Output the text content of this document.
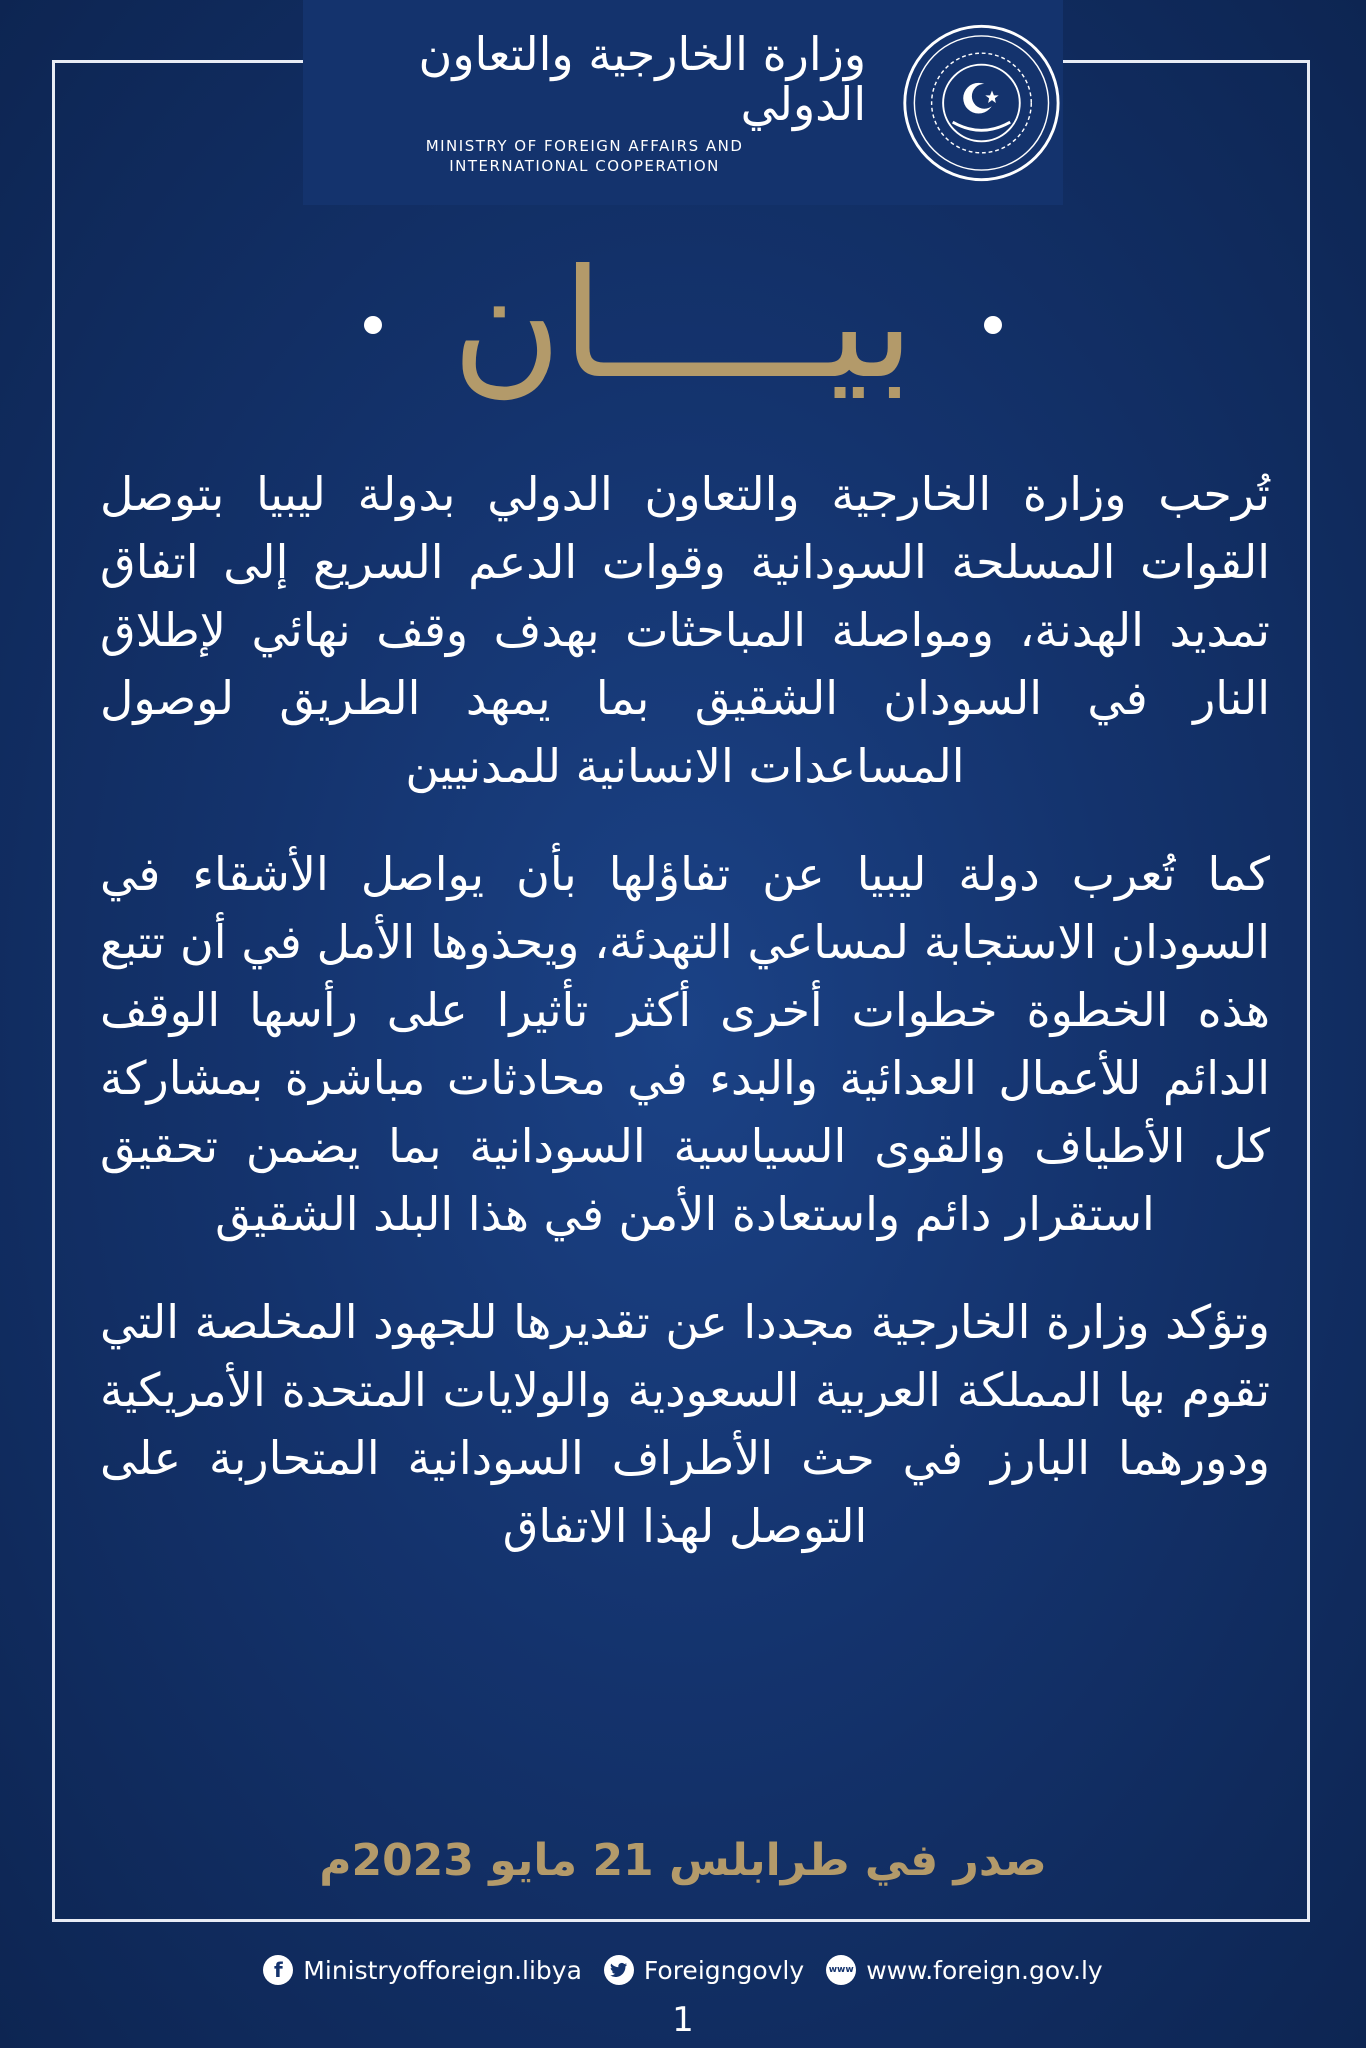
وزارة الخارجية والتعاون الدولي
MINISTRY OF FOREIGN AFFAIRS AND
INTERNATIONAL COOPERATION
بيـــــان

تُرحب وزارة الخارجية والتعاون الدولي بدولة ليبيا بتوصل القوات المسلحة السودانية وقوات الدعم السريع إلى اتفاق تمديد الهدنة، ومواصلة المباحثات بهدف وقف نهائي لإطلاق النار في السودان الشقيق بما يمهد الطريق لوصول المساعدات الانسانية للمدنيين

كما تُعرب دولة ليبيا عن تفاؤلها بأن يواصل الأشقاء في السودان الاستجابة لمساعي التهدئة، ويحذوها الأمل في أن تتبع هذه الخطوة خطوات أخرى أكثر تأثيرا على رأسها الوقف الدائم للأعمال العدائية والبدء في محادثات مباشرة بمشاركة كل الأطياف والقوى السياسية السودانية بما يضمن تحقيق استقرار دائم واستعادة الأمن في هذا البلد الشقيق

وتؤكد وزارة الخارجية مجددا عن تقديرها للجهود المخلصة التي تقوم بها المملكة العربية السعودية والولايات المتحدة الأمريكية ودورهما البارز في حث الأطراف السودانية المتحاربة على التوصل لهذا الاتفاق

صدر في طرابلس 21 مايو 2023م
f Ministryofforeign.libya Foreigngovly	www www.foreign.gov.ly
1
